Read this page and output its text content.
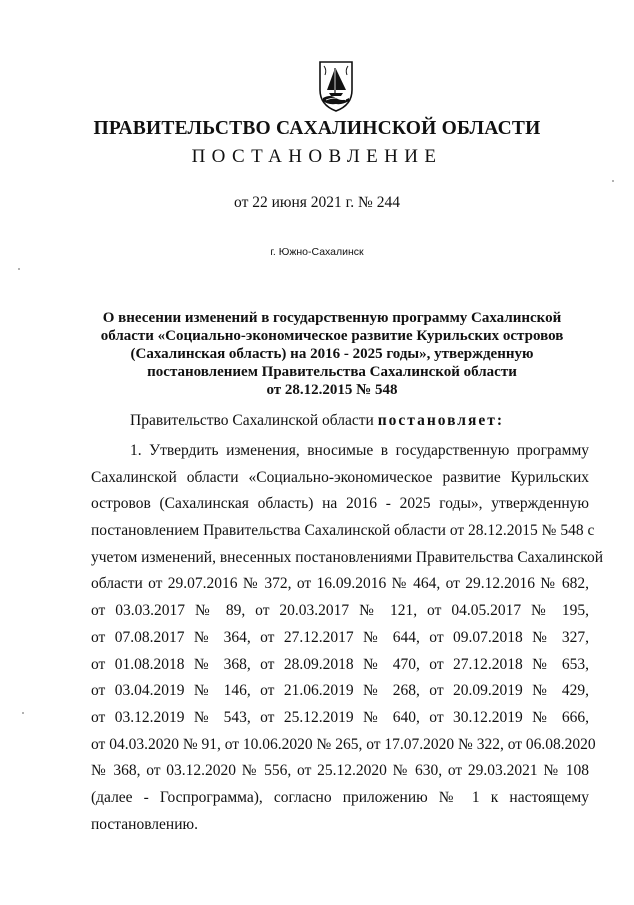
ПРАВИТЕЛЬСТВО САХАЛИНСКОЙ ОБЛАСТИ
ПОСТАНОВЛЕНИЕ
от 22 июня 2021 г. № 244
г. Южно-Сахалинск
О внесении изменений в государственную программу Сахалинской
области «Социально-экономическое развитие Курильских островов
(Сахалинская область) на 2016 - 2025 годы», утвержденную
постановлением Правительства Сахалинской области
от 28.12.2015 № 548
Правительство Сахалинской области постановляет:
1. Утвердить изменения, вносимые в государственную программу
Сахалинской области «Социально-экономическое развитие Курильских
островов (Сахалинская область) на 2016 - 2025 годы», утвержденную
постановлением Правительства Сахалинской области от 28.12.2015 № 548 с
учетом изменений, внесенных постановлениями Правительства Сахалинской
области от 29.07.2016 № 372, от 16.09.2016 № 464, от 29.12.2016 № 682,
от 03.03.2017 № 89, от 20.03.2017 № 121, от 04.05.2017 № 195,
от 07.08.2017 № 364, от 27.12.2017 № 644, от 09.07.2018 № 327,
от 01.08.2018 № 368, от 28.09.2018 № 470, от 27.12.2018 № 653,
от 03.04.2019 № 146, от 21.06.2019 № 268, от 20.09.2019 № 429,
от 03.12.2019 № 543, от 25.12.2019 № 640, от 30.12.2019 № 666,
от 04.03.2020 № 91, от 10.06.2020 № 265, от 17.07.2020 № 322, от 06.08.2020
№ 368, от 03.12.2020 № 556, от 25.12.2020 № 630, от 29.03.2021 № 108
(далее - Госпрограмма), согласно приложению № 1 к настоящему
постановлению.
